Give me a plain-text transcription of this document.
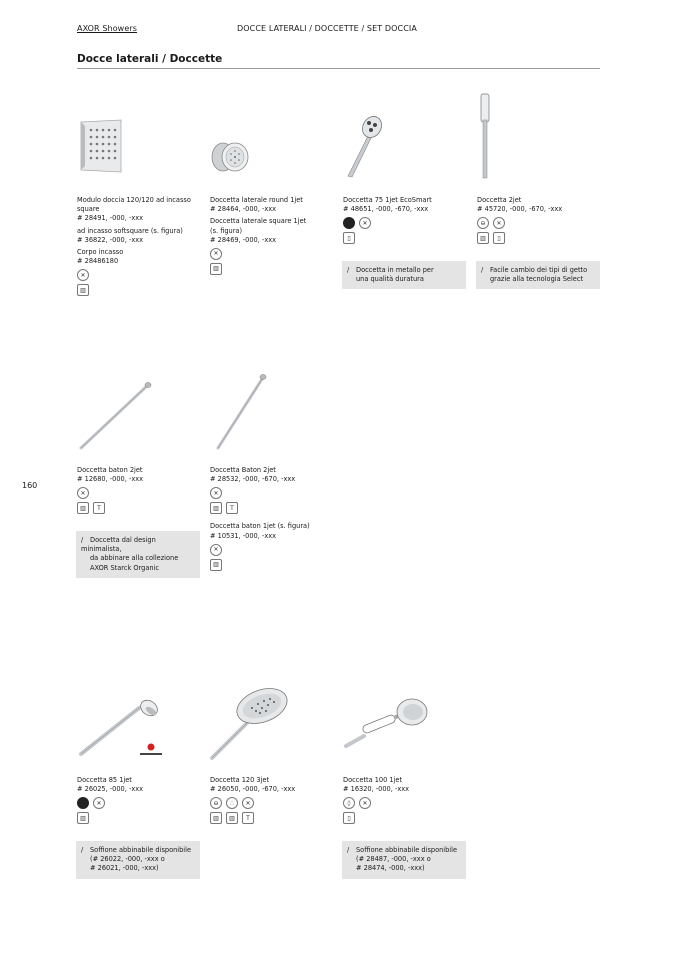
AXOR Showers	DOCCE LATERALI / DOCCETTE / SET DOCCIA
Docce laterali / Doccette
160

Modulo doccia 120/120 ad incasso
square
# 28491, -000, -xxx

ad incasso softsquare (s. figura)
# 36822, -000, -xxx

Corpo incasso
# 28486180

✕
▥

Doccetta laterale round 1jet
# 28464, -000, -xxx

Doccetta laterale square 1jet
(s. figura)
# 28469, -000, -xxx

✕
▥

Doccetta 75 1jet EcoSmart
# 48651, -000, -670, -xxx

✕
▯
/ Doccetta in metallo per
una qualità duratura

Doccetta 2jet
# 45720, -000, -670, -xxx

⊖	✕
▥	▯
/ Facile cambio dei tipi di getto
grazie alla tecnologia Select

Doccetta baton 2jet
# 12680, -000, -xxx

✕
▥	T
/ Doccetta dal design minimalista,
da abbinare alla collezione
AXOR Starck Organic

Doccetta Baton 2jet
# 28532, -000, -670, -xxx

✕
▥	T

Doccetta baton 1jet (s. figura)
# 10531, -000, -xxx

✕
▥

Doccetta 85 1jet
# 26025, -000, -xxx

✕
▥
/ Soffione abbinabile disponibile
(# 26022, -000, -xxx o
# 26021, -000, -xxx)

Doccetta 120 3jet
# 26050, -000, -670, -xxx

⊖	∴	✕
▥	▥	T

Doccetta 100 1jet
# 16320, -000, -xxx

◊	✕
▯
/ Soffione abbinabile disponibile
(# 28487, -000, -xxx o
# 28474, -000, -xxx)
